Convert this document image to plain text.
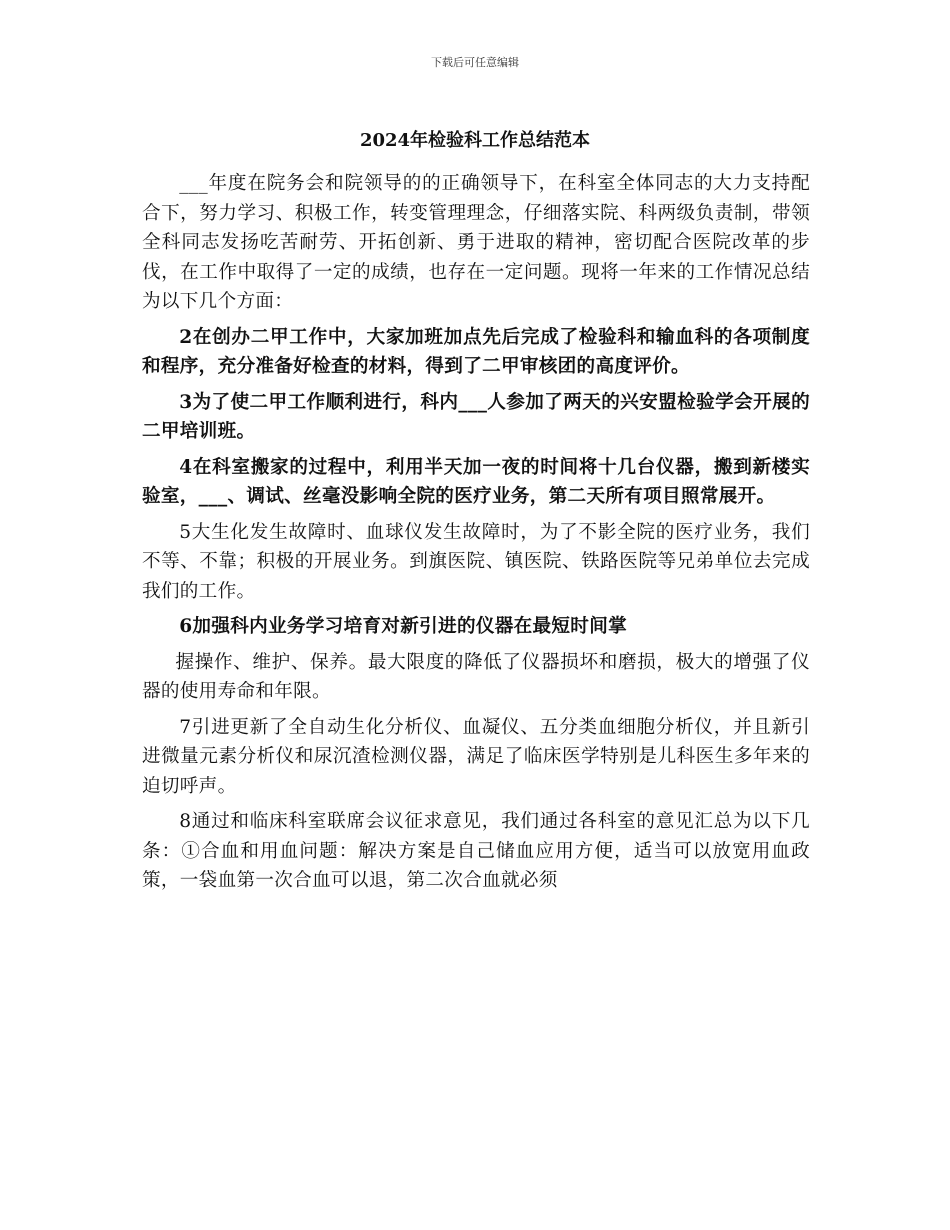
下载后可任意编辑
2024年检验科工作总结范本

___年度在院务会和院领导的的正确领导下，在科室全体同志的大力支持配合下，努力学习、积极工作，转变管理理念，仔细落实院、科两级负责制，带领全科同志发扬吃苦耐劳、开拓创新、勇于进取的精神，密切配合医院改革的步伐，在工作中取得了一定的成绩，也存在一定问题。现将一年来的工作情况总结为以下几个方面：

2在创办二甲工作中，大家加班加点先后完成了检验科和输血科的各项制度和程序，充分准备好检查的材料，得到了二甲审核团的高度评价。

3为了使二甲工作顺利进行，科内___人参加了两天的兴安盟检验学会开展的二甲培训班。

4在科室搬家的过程中，利用半天加一夜的时间将十几台仪器，搬到新楼实验室，___、调试、丝毫没影响全院的医疗业务，第二天所有项目照常展开。

5大生化发生故障时、血球仪发生故障时，为了不影全院的医疗业务，我们不等、不靠；积极的开展业务。到旗医院、镇医院、铁路医院等兄弟单位去完成我们的工作。

6加强科内业务学习培育对新引进的仪器在最短时间掌

握操作、维护、保养。最大限度的降低了仪器损坏和磨损，极大的增强了仪器的使用寿命和年限。

7引进更新了全自动生化分析仪、血凝仪、五分类血细胞分析仪，并且新引进微量元素分析仪和尿沉渣检测仪器，满足了临床医学特别是儿科医生多年来的迫切呼声。

8通过和临床科室联席会议征求意见，我们通过各科室的意见汇总为以下几条：①合血和用血问题：解决方案是自己储血应用方便，适当可以放宽用血政策，一袋血第一次合血可以退，第二次合血就必须
